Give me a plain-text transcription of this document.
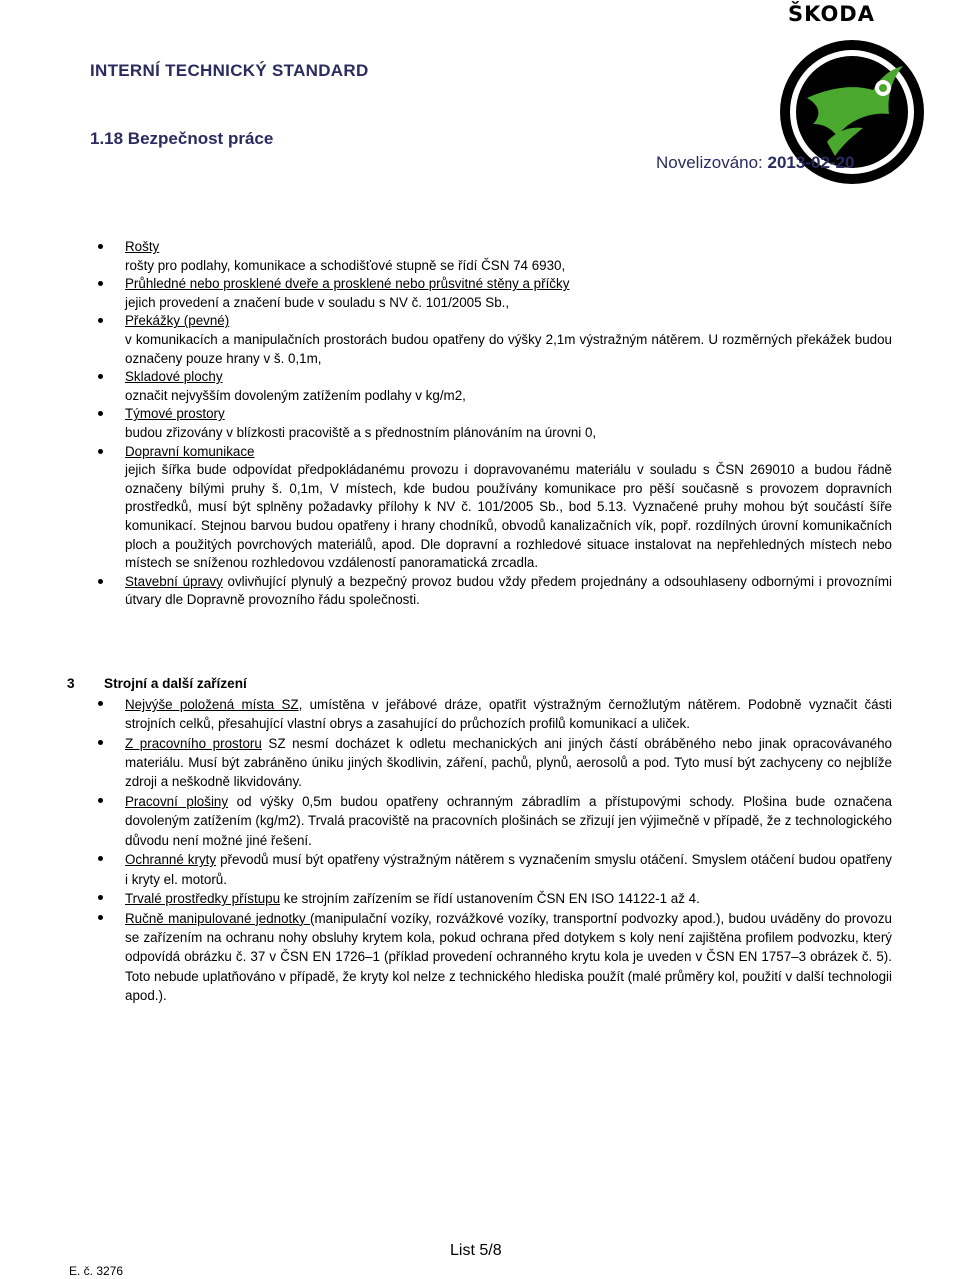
ŠKODA
INTERNÍ TECHNICKÝ STANDARD
1.18 Bezpečnost práce
Novelizováno: 2013-02-20
Rošty
rošty pro podlahy, komunikace a schodišťové stupně se řídí ČSN 74 6930,
Průhledné nebo prosklené dveře a prosklené nebo průsvitné stěny a příčky
jejich provedení a značení bude v souladu s NV č. 101/2005 Sb.,
Překážky (pevné)
v komunikacích a manipulačních prostorách budou opatřeny do výšky 2,1m výstražným nátěrem. U rozměrných překážek budou označeny pouze hrany v š. 0,1m,
Skladové plochy
označit nejvyšším dovoleným zatížením podlahy v kg/m2,
Týmové prostory
budou zřizovány v blízkosti pracoviště a s přednostním plánováním na úrovni 0,
Dopravní komunikace
jejich šířka bude odpovídat předpokládanému provozu i dopravovanému materiálu v souladu s ČSN 269010 a budou řádně označeny bílými pruhy š. 0,1m, V místech, kde budou používány komunikace pro pěší současně s provozem dopravních prostředků, musí být splněny požadavky přílohy k NV č. 101/2005 Sb., bod 5.13. Vyznačené pruhy mohou být součástí šíře komunikací. Stejnou barvou budou opatřeny i hrany chodníků, obvodů kanalizačních vík, popř. rozdílných úrovní komunikačních ploch a použitých povrchových materiálů, apod. Dle dopravní a rozhledové situace instalovat na nepřehledných místech nebo místech se sníženou rozhledovou vzdáleností panoramatická zrcadla.
Stavební úpravy ovlivňující plynulý a bezpečný provoz budou vždy předem projednány a odsouhlaseny odbornými i provozními útvary dle Dopravně provozního řádu společnosti.
3 Strojní a další zařízení
Nejvýše položená místa SZ, umístěna v jeřábové dráze, opatřit výstražným černožlutým nátěrem. Podobně vyznačit části strojních celků, přesahující vlastní obrys a zasahující do průchozích profilů komunikací a uliček.
Z pracovního prostoru SZ nesmí docházet k odletu mechanických ani jiných částí obráběného nebo jinak opracovávaného materiálu. Musí být zabráněno úniku jiných škodlivin, záření, pachů, plynů, aerosolů a pod. Tyto musí být zachyceny co nejblíže zdroji a neškodně likvidovány.
Pracovní plošiny od výšky 0,5m budou opatřeny ochranným zábradlím a přístupovými schody. Plošina bude označena dovoleným zatížením (kg/m2). Trvalá pracoviště na pracovních plošinách se zřizují jen výjimečně v případě, že z technologického důvodu není možné jiné řešení.
Ochranné kryty převodů musí být opatřeny výstražným nátěrem s vyznačením smyslu otáčení. Smyslem otáčení budou opatřeny i kryty el. motorů.
Trvalé prostředky přístupu ke strojním zařízením se řídí ustanovením ČSN EN ISO 14122-1 až 4.
Ručně manipulované jednotky (manipulační vozíky, rozvážkové vozíky, transportní podvozky apod.), budou uváděny do provozu se zařízením na ochranu nohy obsluhy krytem kola, pokud ochrana před dotykem s koly není zajištěna profilem podvozku, který odpovídá obrázku č. 37 v ČSN EN 1726–1 (příklad provedení ochranného krytu kola je uveden v ČSN EN 1757–3 obrázek č. 5). Toto nebude uplatňováno v případě, že kryty kol nelze z technického hlediska použít (malé průměry kol, použití v další technologii apod.).
List 5/8
E. č. 3276
